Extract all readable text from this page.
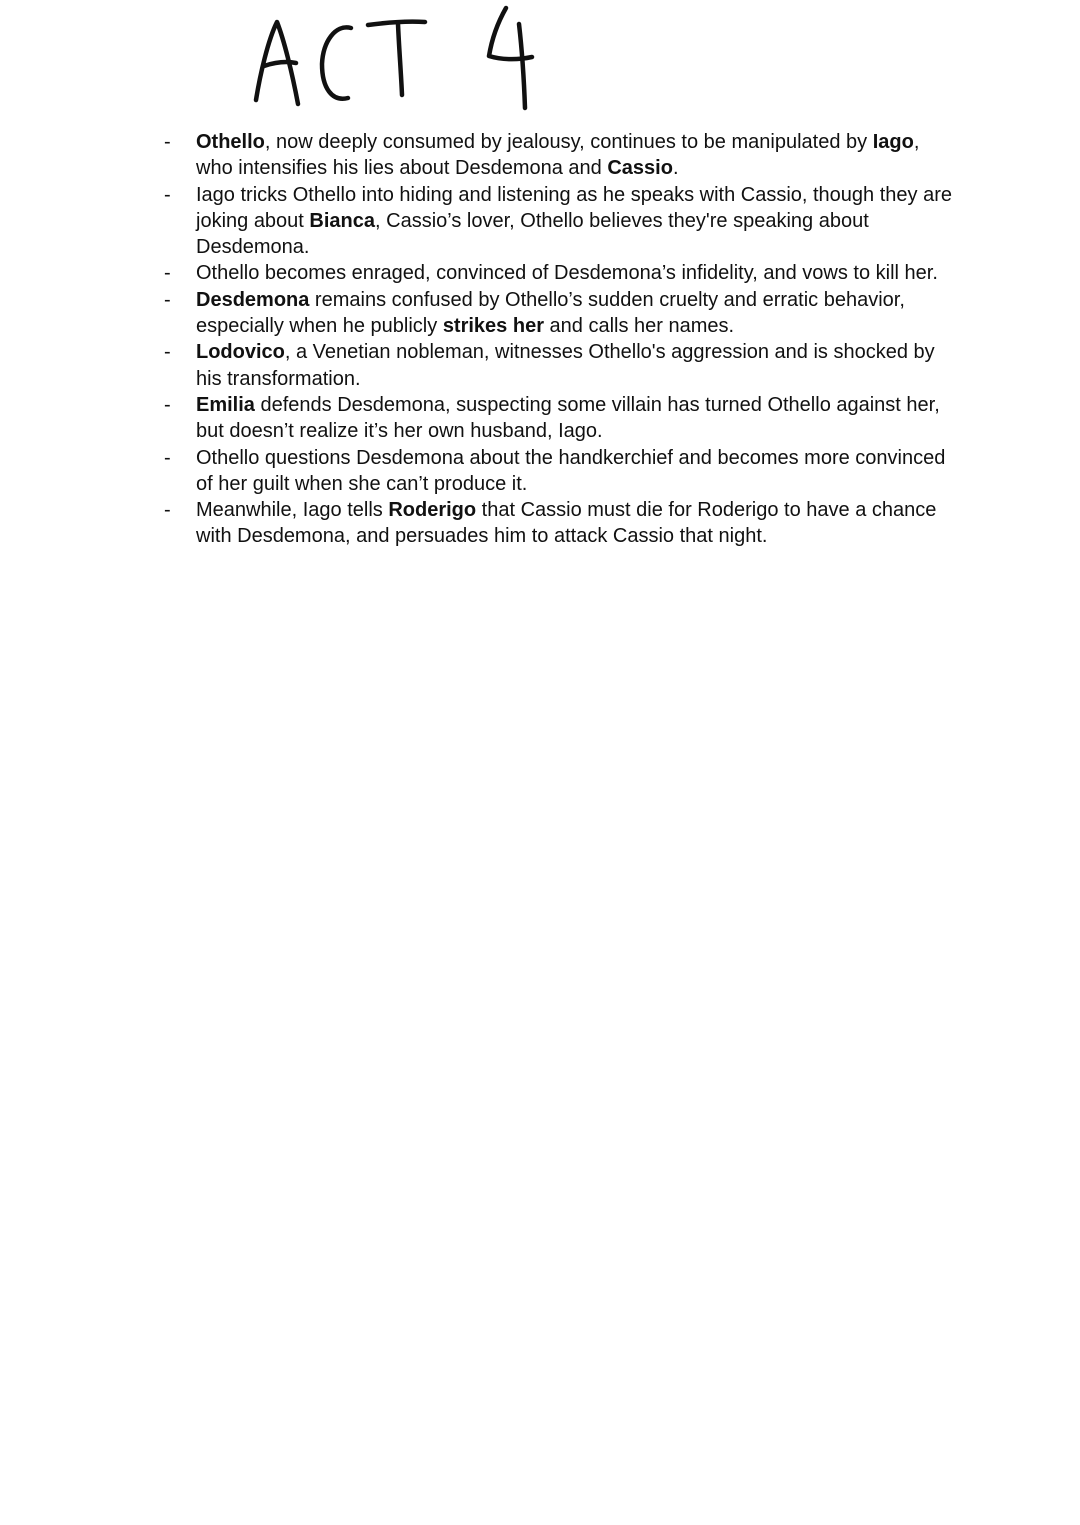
- Othello, now deeply consumed by jealousy, continues to be manipulated by Iago, who intensifies his lies about Desdemona and Cassio.
- Iago tricks Othello into hiding and listening as he speaks with Cassio, though they are joking about Bianca, Cassio’s lover, Othello believes they're speaking about Desdemona.
- Othello becomes enraged, convinced of Desdemona’s infidelity, and vows to kill her.
- Desdemona remains confused by Othello’s sudden cruelty and erratic behavior, especially when he publicly strikes her and calls her names.
- Lodovico, a Venetian nobleman, witnesses Othello's aggression and is shocked by his transformation.
- Emilia defends Desdemona, suspecting some villain has turned Othello against her, but doesn’t realize it’s her own husband, Iago.
- Othello questions Desdemona about the handkerchief and becomes more convinced of her guilt when she can’t produce it.
- Meanwhile, Iago tells Roderigo that Cassio must die for Roderigo to have a chance with Desdemona, and persuades him to attack Cassio that night.
